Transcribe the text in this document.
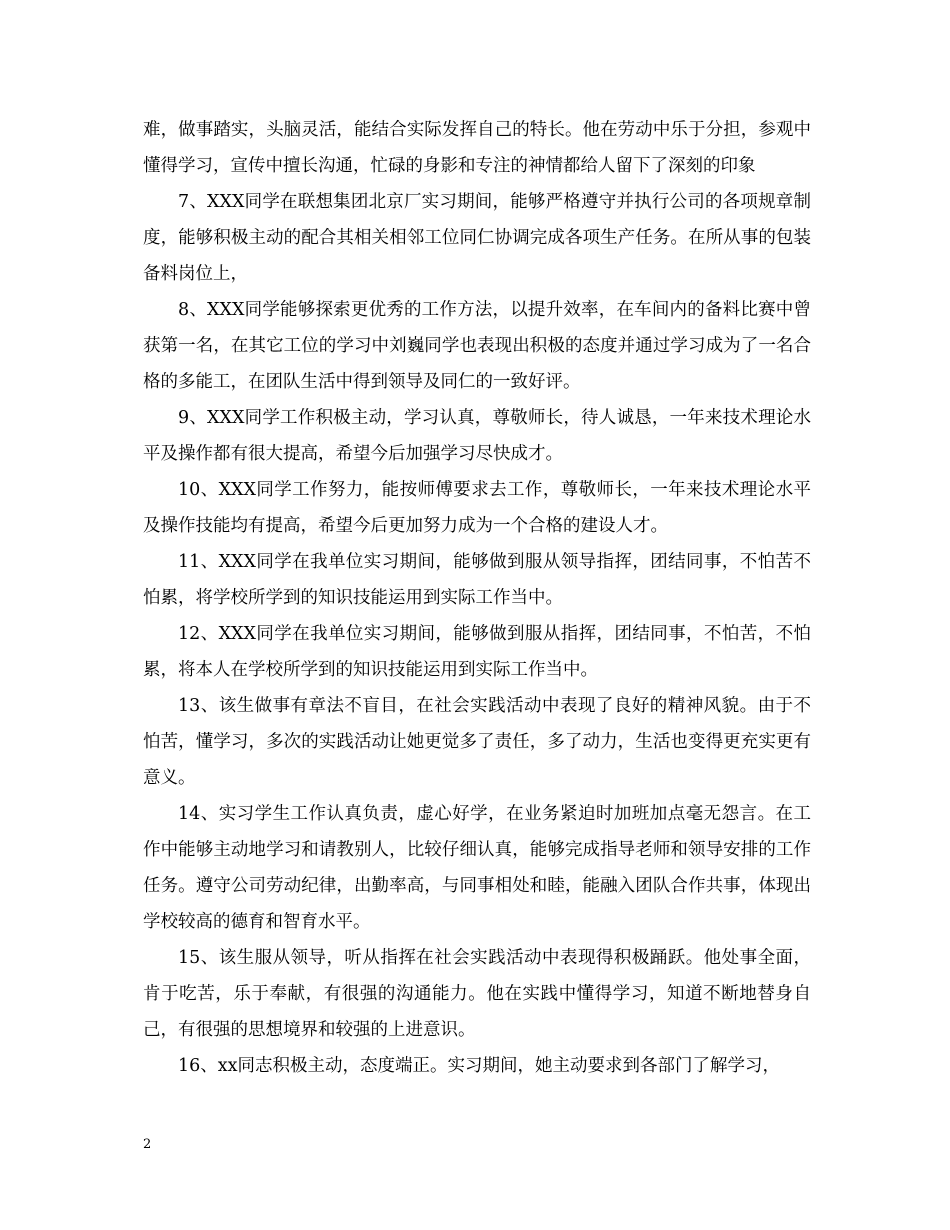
难，做事踏实，头脑灵活，能结合实际发挥自己的特长。他在劳动中乐于分担，参观中懂得学习，宣传中擅长沟通，忙碌的身影和专注的神情都给人留下了深刻的印象

7、XXX同学在联想集团北京厂实习期间，能够严格遵守并执行公司的各项规章制度，能够积极主动的配合其相关相邻工位同仁协调完成各项生产任务。在所从事的包装备料岗位上，

8、XXX同学能够探索更优秀的工作方法，以提升效率，在车间内的备料比赛中曾获第一名，在其它工位的学习中刘巍同学也表现出积极的态度并通过学习成为了一名合格的多能工，在团队生活中得到领导及同仁的一致好评。

9、XXX同学工作积极主动，学习认真，尊敬师长，待人诚恳，一年来技术理论水平及操作都有很大提高，希望今后加强学习尽快成才。

10、XXX同学工作努力，能按师傅要求去工作，尊敬师长，一年来技术理论水平及操作技能均有提高，希望今后更加努力成为一个合格的建设人才。

11、XXX同学在我单位实习期间，能够做到服从领导指挥，团结同事，不怕苦不怕累，将学校所学到的知识技能运用到实际工作当中。

12、XXX同学在我单位实习期间，能够做到服从指挥，团结同事，不怕苦，不怕累，将本人在学校所学到的知识技能运用到实际工作当中。

13、该生做事有章法不盲目，在社会实践活动中表现了良好的精神风貌。由于不怕苦，懂学习，多次的实践活动让她更觉多了责任，多了动力，生活也变得更充实更有意义。

14、实习学生工作认真负责，虚心好学，在业务紧迫时加班加点毫无怨言。在工作中能够主动地学习和请教别人，比较仔细认真，能够完成指导老师和领导安排的工作任务。遵守公司劳动纪律，出勤率高，与同事相处和睦，能融入团队合作共事，体现出学校较高的德育和智育水平。

15、该生服从领导，听从指挥在社会实践活动中表现得积极踊跃。他处事全面，肯于吃苦，乐于奉献，有很强的沟通能力。他在实践中懂得学习，知道不断地替身自己，有很强的思想境界和较强的上进意识。

16、xx同志积极主动，态度端正。实习期间，她主动要求到各部门了解学习，

2
